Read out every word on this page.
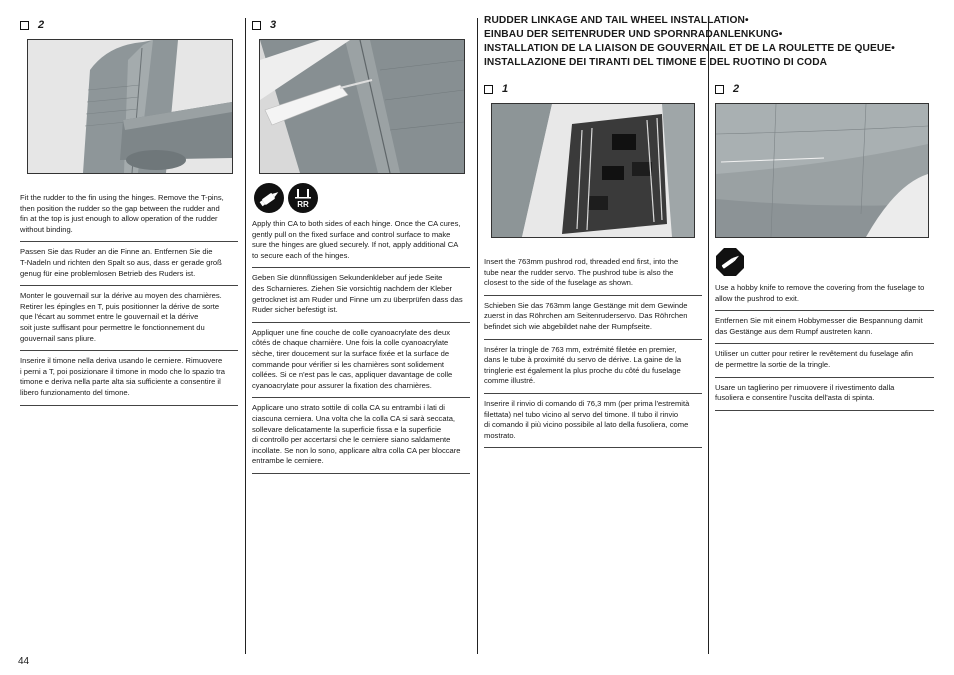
2
Fit the rudder to the fin using the hinges. Remove the T-pins,
then position the rudder so the gap between the rudder and
fin at the top is just enough to allow operation of the rudder
without binding.
Passen Sie das Ruder an die Finne an. Entfernen Sie die
T-Nadeln und richten den Spalt so aus, dass er gerade groß
genug für eine problemlosen Betrieb des Ruders ist.
Monter le gouvernail sur la dérive au moyen des charnières.
Retirer les épingles en T, puis positionner la dérive de sorte
que l'écart au sommet entre le gouvernail et la dérive
soit juste suffisant pour permettre le fonctionnement du
gouvernail sans pliure.
Inserire il timone nella deriva usando le cerniere. Rimuovere
i perni a T, poi posizionare il timone in modo che lo spazio tra
timone e deriva nella parte alta sia sufficiente a consentire il
libero funzionamento del timone.
3
RR
Apply thin CA to both sides of each hinge. Once the CA cures,
gently pull on the fixed surface and control surface to make
sure the hinges are glued securely. If not, apply additional CA
to secure each of the hinges.
Geben Sie dünnflüssigen Sekundenkleber auf jede Seite
des Scharnieres. Ziehen Sie vorsichtig nachdem der Kleber
getrocknet ist am Ruder und Finne um zu überprüfen dass das
Ruder sicher befestigt ist.
Appliquer une fine couche de colle cyanoacrylate des deux
côtés de chaque charnière. Une fois la colle cyanoacrylate
sèche, tirer doucement sur la surface fixée et la surface de
commande pour vérifier si les charnières sont solidement
collées. Si ce n'est pas le cas, appliquer davantage de colle
cyanoacrylate pour assurer la fixation des charnières.
Applicare uno strato sottile di colla CA su entrambi i lati di
ciascuna cerniera. Una volta che la colla CA si sarà seccata,
sollevare delicatamente la superficie fissa e la superficie
di controllo per accertarsi che le cerniere siano saldamente
incollate. Se non lo sono, applicare altra colla CA per bloccare
entrambe le cerniere.
RUDDER LINKAGE AND TAIL WHEEL INSTALLATION•
EINBAU DER SEITENRUDER UND SPORNRADANLENKUNG•
INSTALLATION DE LA LIAISON DE GOUVERNAIL ET DE LA ROULETTE DE QUEUE•
INSTALLAZIONE DEI TIRANTI DEL TIMONE E DEL RUOTINO DI CODA
1
Insert the 763mm pushrod rod, threaded end first, into the
tube near the rudder servo. The pushrod tube is also the
closest to the side of the fuselage as shown.
Schieben Sie das 763mm lange Gestänge mit dem Gewinde
zuerst in das Röhrchen am Seitenruderservo. Das Röhrchen
befindet sich wie abgebildet nahe der Rumpfseite.
Insérer la tringle de 763 mm, extrémité filetée en premier,
dans le tube à proximité du servo de dérive. La gaine de la
tringlerie est également la plus proche du côté du fuselage
comme illustré.
Inserire il rinvio di comando di 76,3 mm (per prima l'estremità
filettata) nel tubo vicino al servo del timone. Il tubo il rinvio
di comando il più vicino possibile al lato della fusoliera, come
mostrato.
2
Use a hobby knife to remove the covering from the fuselage to
allow the pushrod to exit.
Entfernen Sie mit einem Hobbymesser die Bespannung damit
das Gestänge aus dem Rumpf austreten kann.
Utiliser un cutter pour retirer le revêtement du fuselage afin
de permettre la sortie de la tringle.
Usare un taglierino per rimuovere il rivestimento dalla
fusoliera e consentire l'uscita dell'asta di spinta.
44
